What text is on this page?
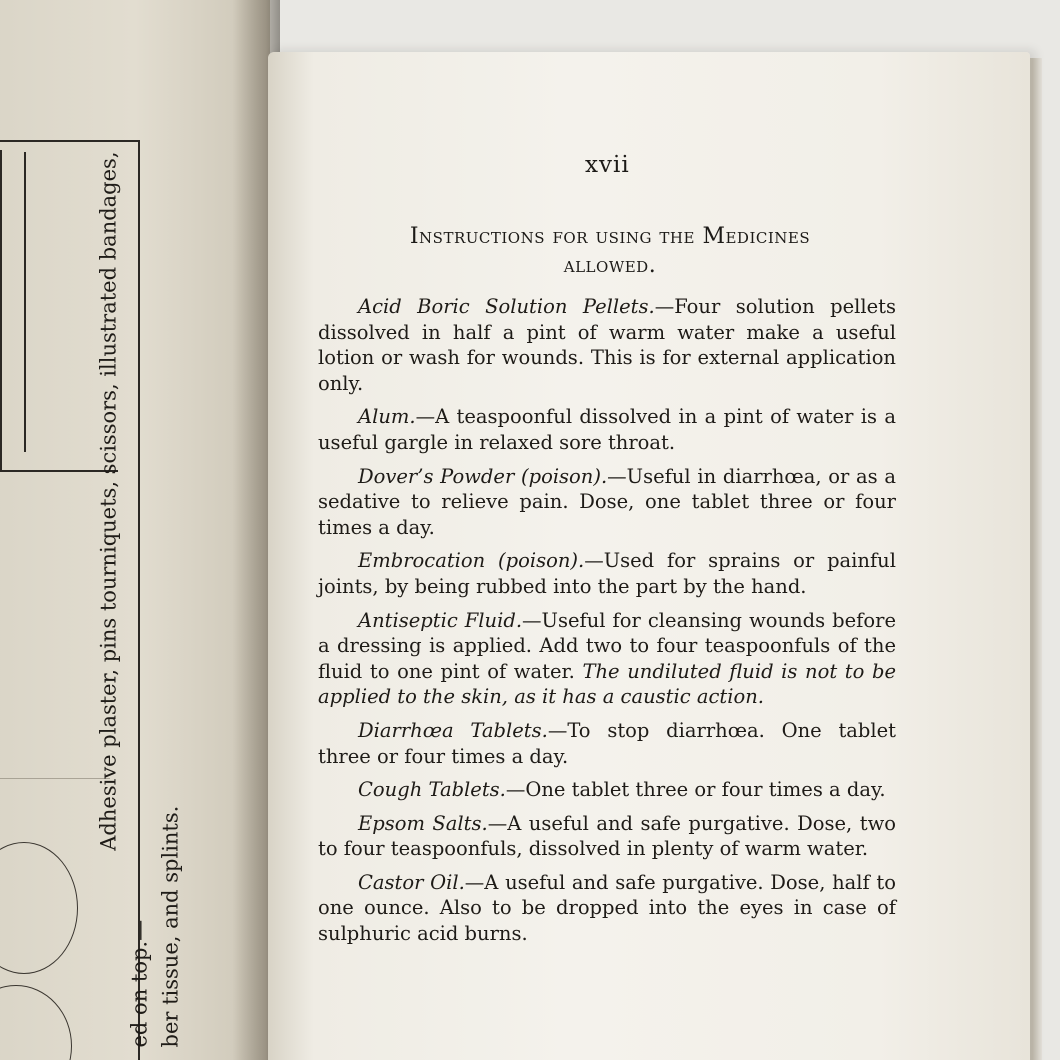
Adhesive plaster, pins tourniquets, scissors, illustrated bandages,
ed on top.— ber tissue, and splints.
xvii
Instructions for using the Medicines
allowed.

Acid Boric Solution Pellets.—Four solution pellets dissolved in half a pint of warm water make a useful lotion or wash for wounds. This is for external application only.

Alum.—A teaspoonful dissolved in a pint of water is a useful gargle in relaxed sore throat.

Dover’s Powder (poison).—Useful in diarrhœa, or as a sedative to relieve pain. Dose, one tablet three or four times a day.

Embrocation (poison).—Used for sprains or painful joints, by being rubbed into the part by the hand.

Antiseptic Fluid.—Useful for cleansing wounds before a dressing is applied. Add two to four teaspoonfuls of the fluid to one pint of water. The undiluted fluid is not to be applied to the skin, as it has a caustic action.

Diarrhœa Tablets.—To stop diarrhœa. One tablet three or four times a day.

Cough Tablets.—One tablet three or four times a day.

Epsom Salts.—A useful and safe purgative. Dose, two to four teaspoonfuls, dissolved in plenty of warm water.

Castor Oil.—A useful and safe purgative. Dose, half to one ounce. Also to be dropped into the eyes in case of sulphuric acid burns.
